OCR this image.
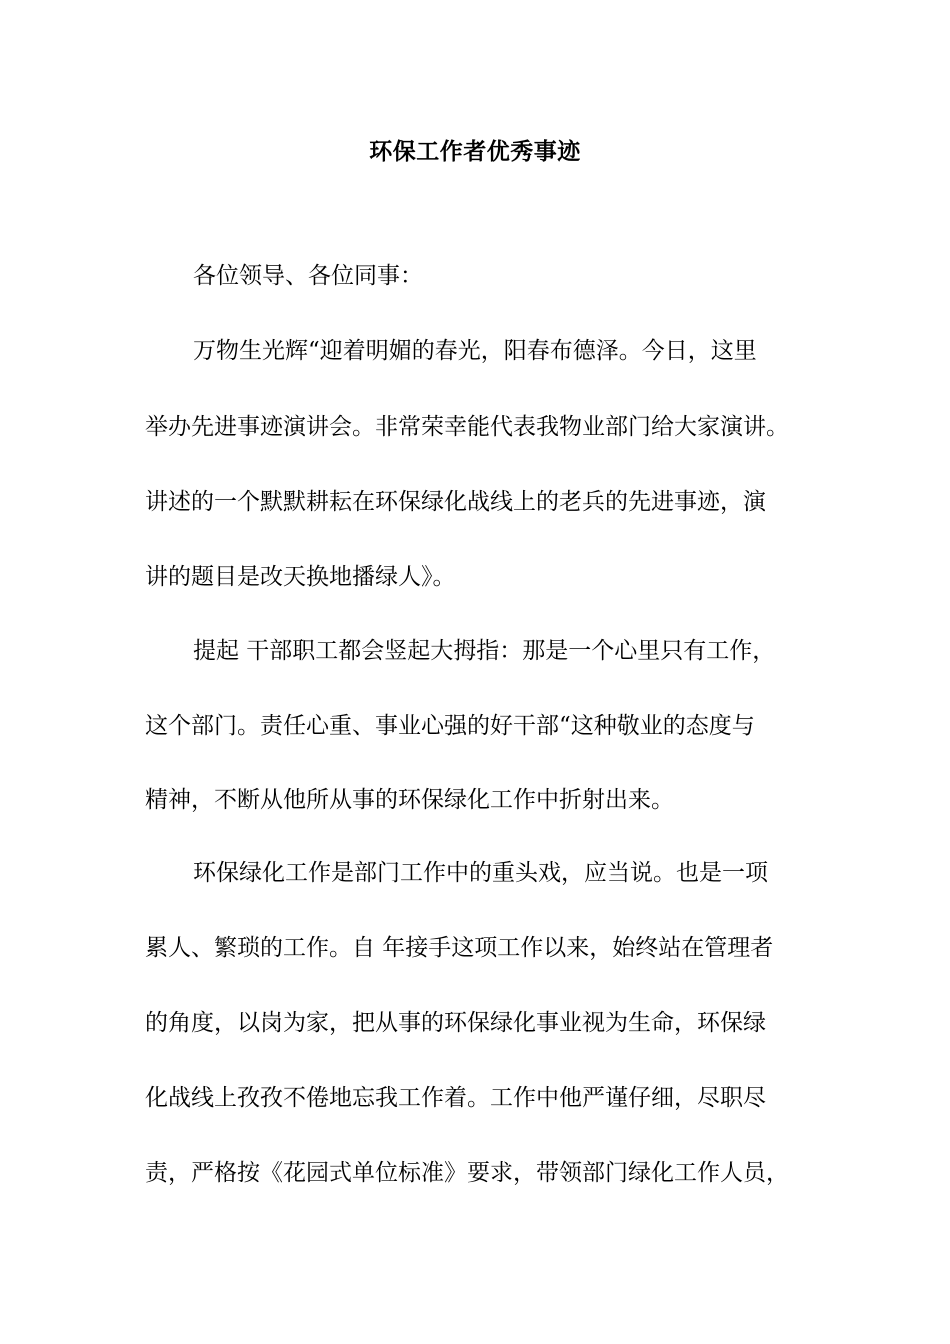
环保工作者优秀事迹
各位领导、各位同事：
万物生光辉“迎着明媚的春光，阳春布德泽。今日，这里
举办先进事迹演讲会。非常荣幸能代表我物业部门给大家演讲。
讲述的一个默默耕耘在环保绿化战线上的老兵的先进事迹，演
讲的题目是改天换地播绿人》。
提起 干部职工都会竖起大拇指：那是一个心里只有工作，
这个部门。责任心重、事业心强的好干部“这种敬业的态度与
精神，不断从他所从事的环保绿化工作中折射出来。
环保绿化工作是部门工作中的重头戏，应当说。也是一项
累人、繁琐的工作。自 年接手这项工作以来，始终站在管理者
的角度，以岗为家，把从事的环保绿化事业视为生命，环保绿
化战线上孜孜不倦地忘我工作着。工作中他严谨仔细，尽职尽
责，严格按《花园式单位标准》要求，带领部门绿化工作人员，
